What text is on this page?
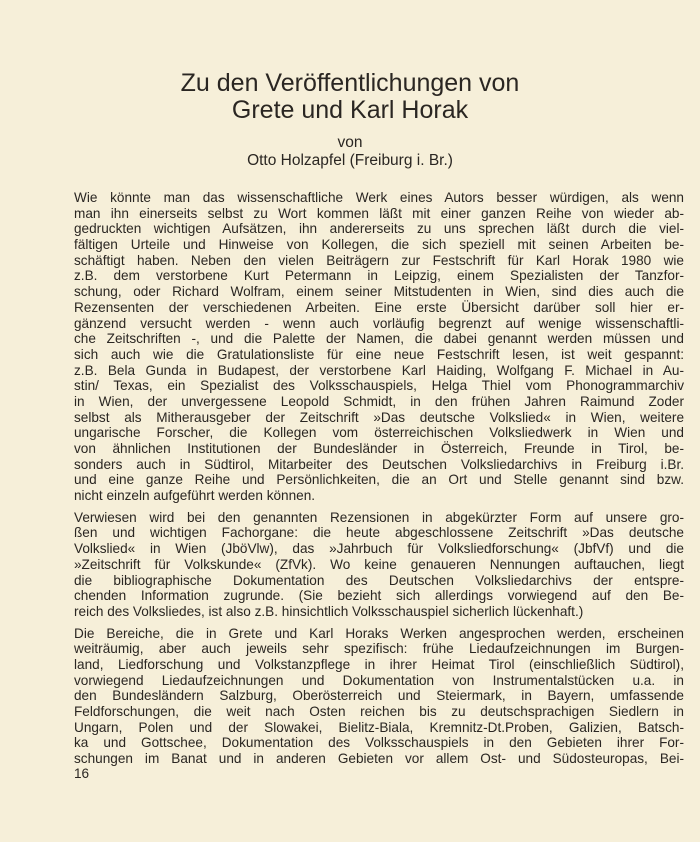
Zu den Veröffentlichungen von
Grete und Karl Horak
von
Otto Holzapfel (Freiburg i. Br.)
Wie könnte man das wissenschaftliche Werk eines Autors besser würdigen, als wenn
man ihn einerseits selbst zu Wort kommen läßt mit einer ganzen Reihe von wieder ab-
gedruckten wichtigen Aufsätzen, ihn andererseits zu uns sprechen läßt durch die viel-
fältigen Urteile und Hinweise von Kollegen, die sich speziell mit seinen Arbeiten be-
schäftigt haben. Neben den vielen Beiträgern zur Festschrift für Karl Horak 1980 wie
z.B. dem verstorbene Kurt Petermann in Leipzig, einem Spezialisten der Tanzfor-
schung, oder Richard Wolfram, einem seiner Mitstudenten in Wien, sind dies auch die
Rezensenten der verschiedenen Arbeiten. Eine erste Übersicht darüber soll hier er-
gänzend versucht werden - wenn auch vorläufig begrenzt auf wenige wissenschaftli-
che Zeitschriften -, und die Palette der Namen, die dabei genannt werden müssen und
sich auch wie die Gratulationsliste für eine neue Festschrift lesen, ist weit gespannt:
z.B. Bela Gunda in Budapest, der verstorbene Karl Haiding, Wolfgang F. Michael in Au-
stin/ Texas, ein Spezialist des Volksschauspiels, Helga Thiel vom Phonogrammarchiv
in Wien, der unvergessene Leopold Schmidt, in den frühen Jahren Raimund Zoder
selbst als Mitherausgeber der Zeitschrift »Das deutsche Volkslied« in Wien, weitere
ungarische Forscher, die Kollegen vom österreichischen Volksliedwerk in Wien und
von ähnlichen Institutionen der Bundesländer in Österreich, Freunde in Tirol, be-
sonders auch in Südtirol, Mitarbeiter des Deutschen Volksliedarchivs in Freiburg i.Br.
und eine ganze Reihe und Persönlichkeiten, die an Ort und Stelle genannt sind bzw.
nicht einzeln aufgeführt werden können.
Verwiesen wird bei den genannten Rezensionen in abgekürzter Form auf unsere gro-
ßen und wichtigen Fachorgane: die heute abgeschlossene Zeitschrift »Das deutsche
Volkslied« in Wien (JböVlw), das »Jahrbuch für Volksliedforschung« (JbfVf) und die
»Zeitschrift für Volkskunde« (ZfVk). Wo keine genaueren Nennungen auftauchen, liegt
die bibliographische Dokumentation des Deutschen Volksliedarchivs der entspre-
chenden Information zugrunde. (Sie bezieht sich allerdings vorwiegend auf den Be-
reich des Volksliedes, ist also z.B. hinsichtlich Volksschauspiel sicherlich lückenhaft.)
Die Bereiche, die in Grete und Karl Horaks Werken angesprochen werden, erscheinen
weiträumig, aber auch jeweils sehr spezifisch: frühe Liedaufzeichnungen im Burgen-
land, Liedforschung und Volkstanzpflege in ihrer Heimat Tirol (einschließlich Südtirol),
vorwiegend Liedaufzeichnungen und Dokumentation von Instrumentalstücken u.a. in
den Bundesländern Salzburg, Oberösterreich und Steiermark, in Bayern, umfassende
Feldforschungen, die weit nach Osten reichen bis zu deutschsprachigen Siedlern in
Ungarn, Polen und der Slowakei, Bielitz-Biala, Kremnitz-Dt.Proben, Galizien, Batsch-
ka und Gottschee, Dokumentation des Volksschauspiels in den Gebieten ihrer For-
schungen im Banat und in anderen Gebieten vor allem Ost- und Südosteuropas, Bei-
16
